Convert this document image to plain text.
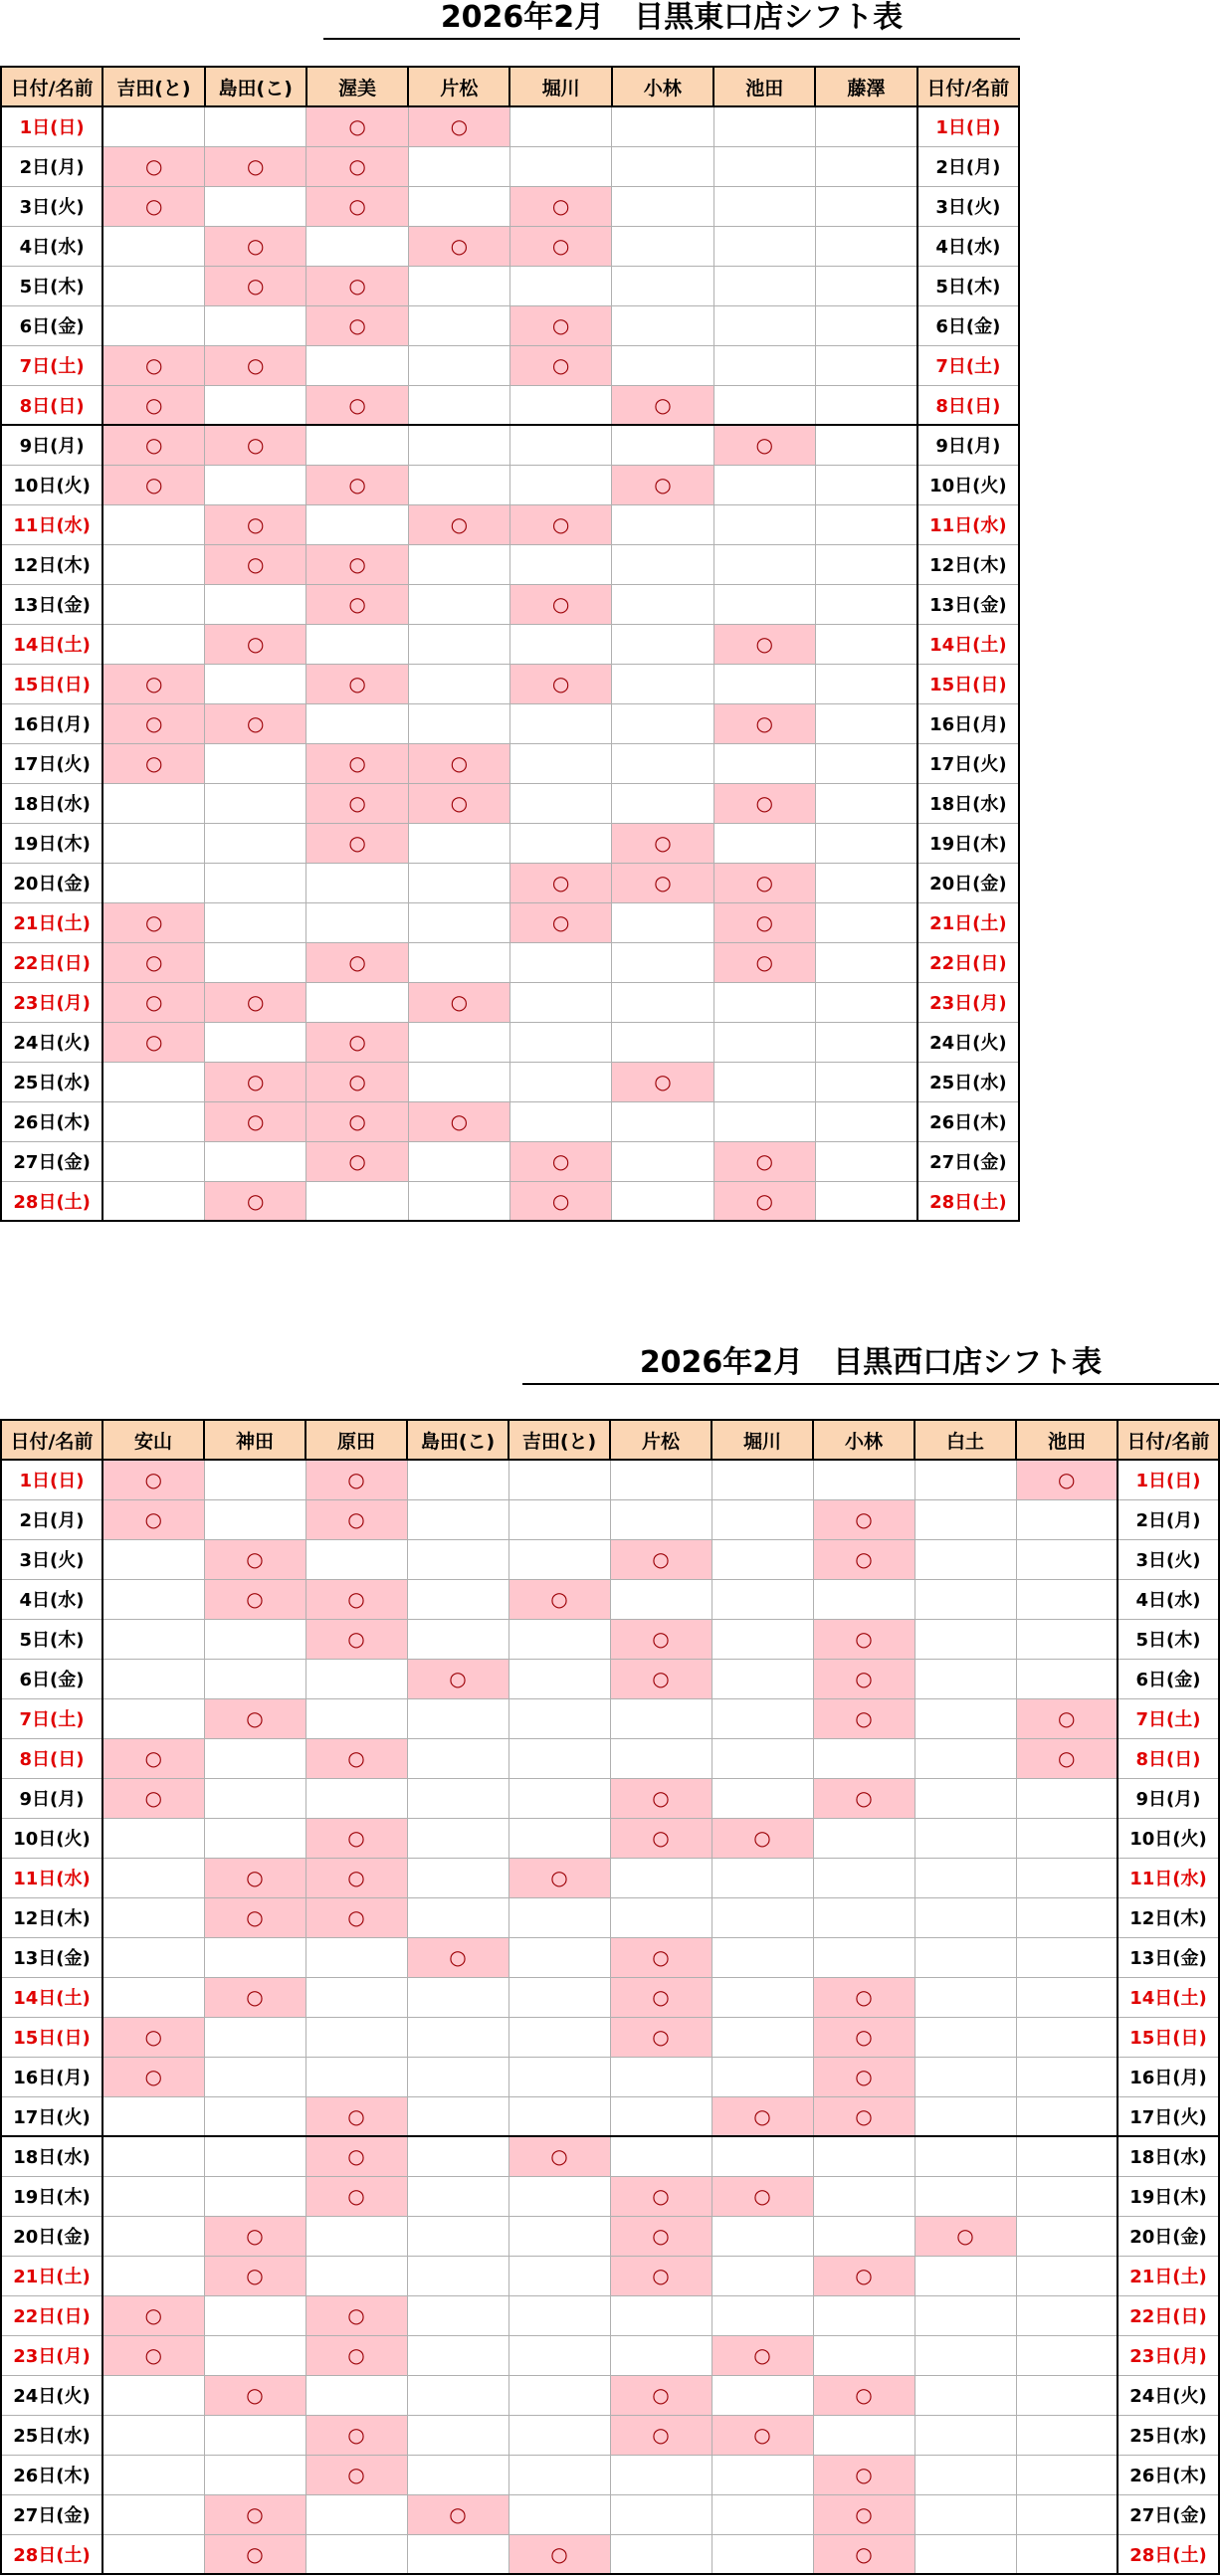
2026年2月　目黒東口店シフト表
日付/名前	吉田(と)	島田(こ)	渥美	片松	堀川	小林	池田	藤澤	日付/名前
1日(日)			○	○					1日(日)
2日(月)	○	○	○						2日(月)
3日(火)	○		○		○				3日(火)
4日(水)		○		○	○				4日(水)
5日(木)		○	○						5日(木)
6日(金)			○		○				6日(金)
7日(土)	○	○			○				7日(土)
8日(日)	○		○			○			8日(日)
9日(月)	○	○					○		9日(月)
10日(火)	○		○			○			10日(火)
11日(水)		○		○	○				11日(水)
12日(木)		○	○						12日(木)
13日(金)			○		○				13日(金)
14日(土)		○					○		14日(土)
15日(日)	○		○		○				15日(日)
16日(月)	○	○					○		16日(月)
17日(火)	○		○	○					17日(火)
18日(水)			○	○			○		18日(水)
19日(木)			○			○			19日(木)
20日(金)					○	○	○		20日(金)
21日(土)	○				○		○		21日(土)
22日(日)	○		○				○		22日(日)
23日(月)	○	○		○					23日(月)
24日(火)	○		○						24日(火)
25日(水)		○	○			○			25日(水)
26日(木)		○	○	○					26日(木)
27日(金)			○		○		○		27日(金)
28日(土)		○			○		○		28日(土)
2026年2月　目黒西口店シフト表
日付/名前	安山	神田	原田	島田(こ)	吉田(と)	片松	堀川	小林	白土	池田	日付/名前
1日(日)	○		○							○	1日(日)
2日(月)	○		○					○			2日(月)
3日(火)		○				○		○			3日(火)
4日(水)		○	○		○						4日(水)
5日(木)			○			○		○			5日(木)
6日(金)				○		○		○			6日(金)
7日(土)		○						○		○	7日(土)
8日(日)	○		○							○	8日(日)
9日(月)	○					○		○			9日(月)
10日(火)			○			○	○				10日(火)
11日(水)		○	○		○						11日(水)
12日(木)		○	○								12日(木)
13日(金)				○		○					13日(金)
14日(土)		○				○		○			14日(土)
15日(日)	○					○		○			15日(日)
16日(月)	○							○			16日(月)
17日(火)			○				○	○			17日(火)
18日(水)			○		○						18日(水)
19日(木)			○			○	○				19日(木)
20日(金)		○				○			○		20日(金)
21日(土)		○				○		○			21日(土)
22日(日)	○		○								22日(日)
23日(月)	○		○				○				23日(月)
24日(火)		○				○		○			24日(火)
25日(水)			○			○	○				25日(水)
26日(木)			○					○			26日(木)
27日(金)		○		○				○			27日(金)
28日(土)		○			○			○			28日(土)
